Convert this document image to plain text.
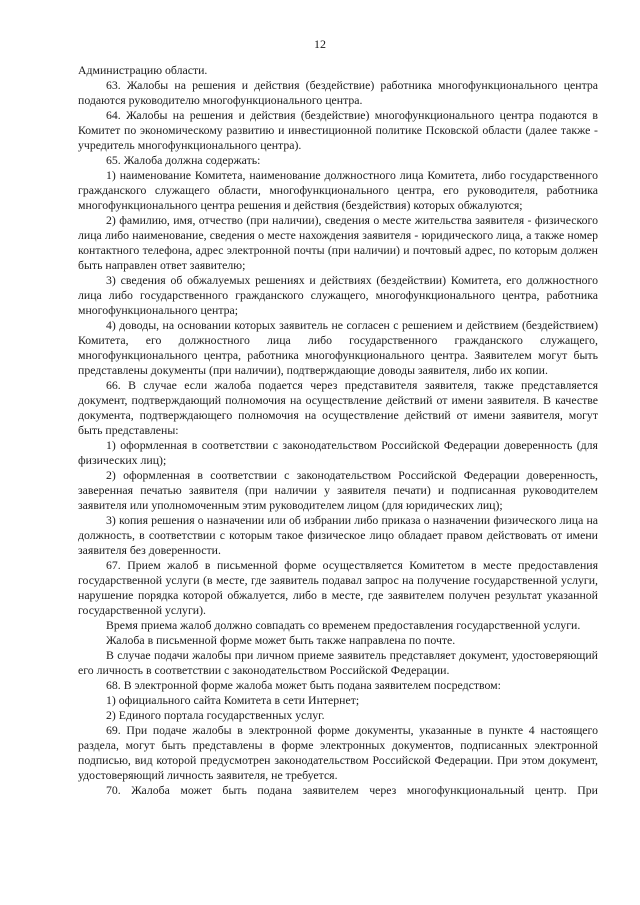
12

Администрацию области.

63. Жалобы на решения и действия (бездействие) работника многофункционального центра подаются руководителю многофункционального центра.

64. Жалобы на решения и действия (бездействие) многофункционального центра подаются в Комитет по экономическому развитию и инвестиционной политике Псковской области (далее также - учредитель многофункционального центра).

65. Жалоба должна содержать:

1) наименование Комитета, наименование должностного лица Комитета, либо государственного гражданского служащего области, многофункционального центра, его руководителя, работника многофункционального центра решения и действия (бездействия) которых обжалуются;

2) фамилию, имя, отчество (при наличии), сведения о месте жительства заявителя - физического лица либо наименование, сведения о месте нахождения заявителя - юридического лица, а также номер контактного телефона, адрес электронной почты (при наличии) и почтовый адрес, по которым должен быть направлен ответ заявителю;

3) сведения об обжалуемых решениях и действиях (бездействии) Комитета, его должностного лица либо государственного гражданского служащего, многофункционального центра, работника многофункционального центра;

4) доводы, на основании которых заявитель не согласен с решением и действием (бездействием) Комитета, его должностного лица либо государственного гражданского служащего, многофункционального центра, работника многофункционального центра. Заявителем могут быть представлены документы (при наличии), подтверждающие доводы заявителя, либо их копии.

66. В случае если жалоба подается через представителя заявителя, также представляется документ, подтверждающий полномочия на осуществление действий от имени заявителя. В качестве документа, подтверждающего полномочия на осуществление действий от имени заявителя, могут быть представлены:

1) оформленная в соответствии с законодательством Российской Федерации доверенность (для физических лиц);

2) оформленная в соответствии с законодательством Российской Федерации доверенность, заверенная печатью заявителя (при наличии у заявителя печати) и подписанная руководителем заявителя или уполномоченным этим руководителем лицом (для юридических лиц);

3) копия решения о назначении или об избрании либо приказа о назначении физического лица на должность, в соответствии с которым такое физическое лицо обладает правом действовать от имени заявителя без доверенности.

67. Прием жалоб в письменной форме осуществляется Комитетом в месте предоставления государственной услуги (в месте, где заявитель подавал запрос на получение государственной услуги, нарушение порядка которой обжалуется, либо в месте, где заявителем получен результат указанной государственной услуги).

Время приема жалоб должно совпадать со временем предоставления государственной услуги.

Жалоба в письменной форме может быть также направлена по почте.

В случае подачи жалобы при личном приеме заявитель представляет документ, удостоверяющий его личность в соответствии с законодательством Российской Федерации.

68. В электронной форме жалоба может быть подана заявителем посредством:

1) официального сайта Комитета в сети Интернет;

2) Единого портала государственных услуг.

69. При подаче жалобы в электронной форме документы, указанные в пункте 4 настоящего раздела, могут быть представлены в форме электронных документов, подписанных электронной подписью, вид которой предусмотрен законодательством Российской Федерации. При этом документ, удостоверяющий личность заявителя, не требуется.

70. Жалоба может быть подана заявителем через многофункциональный центр. При
